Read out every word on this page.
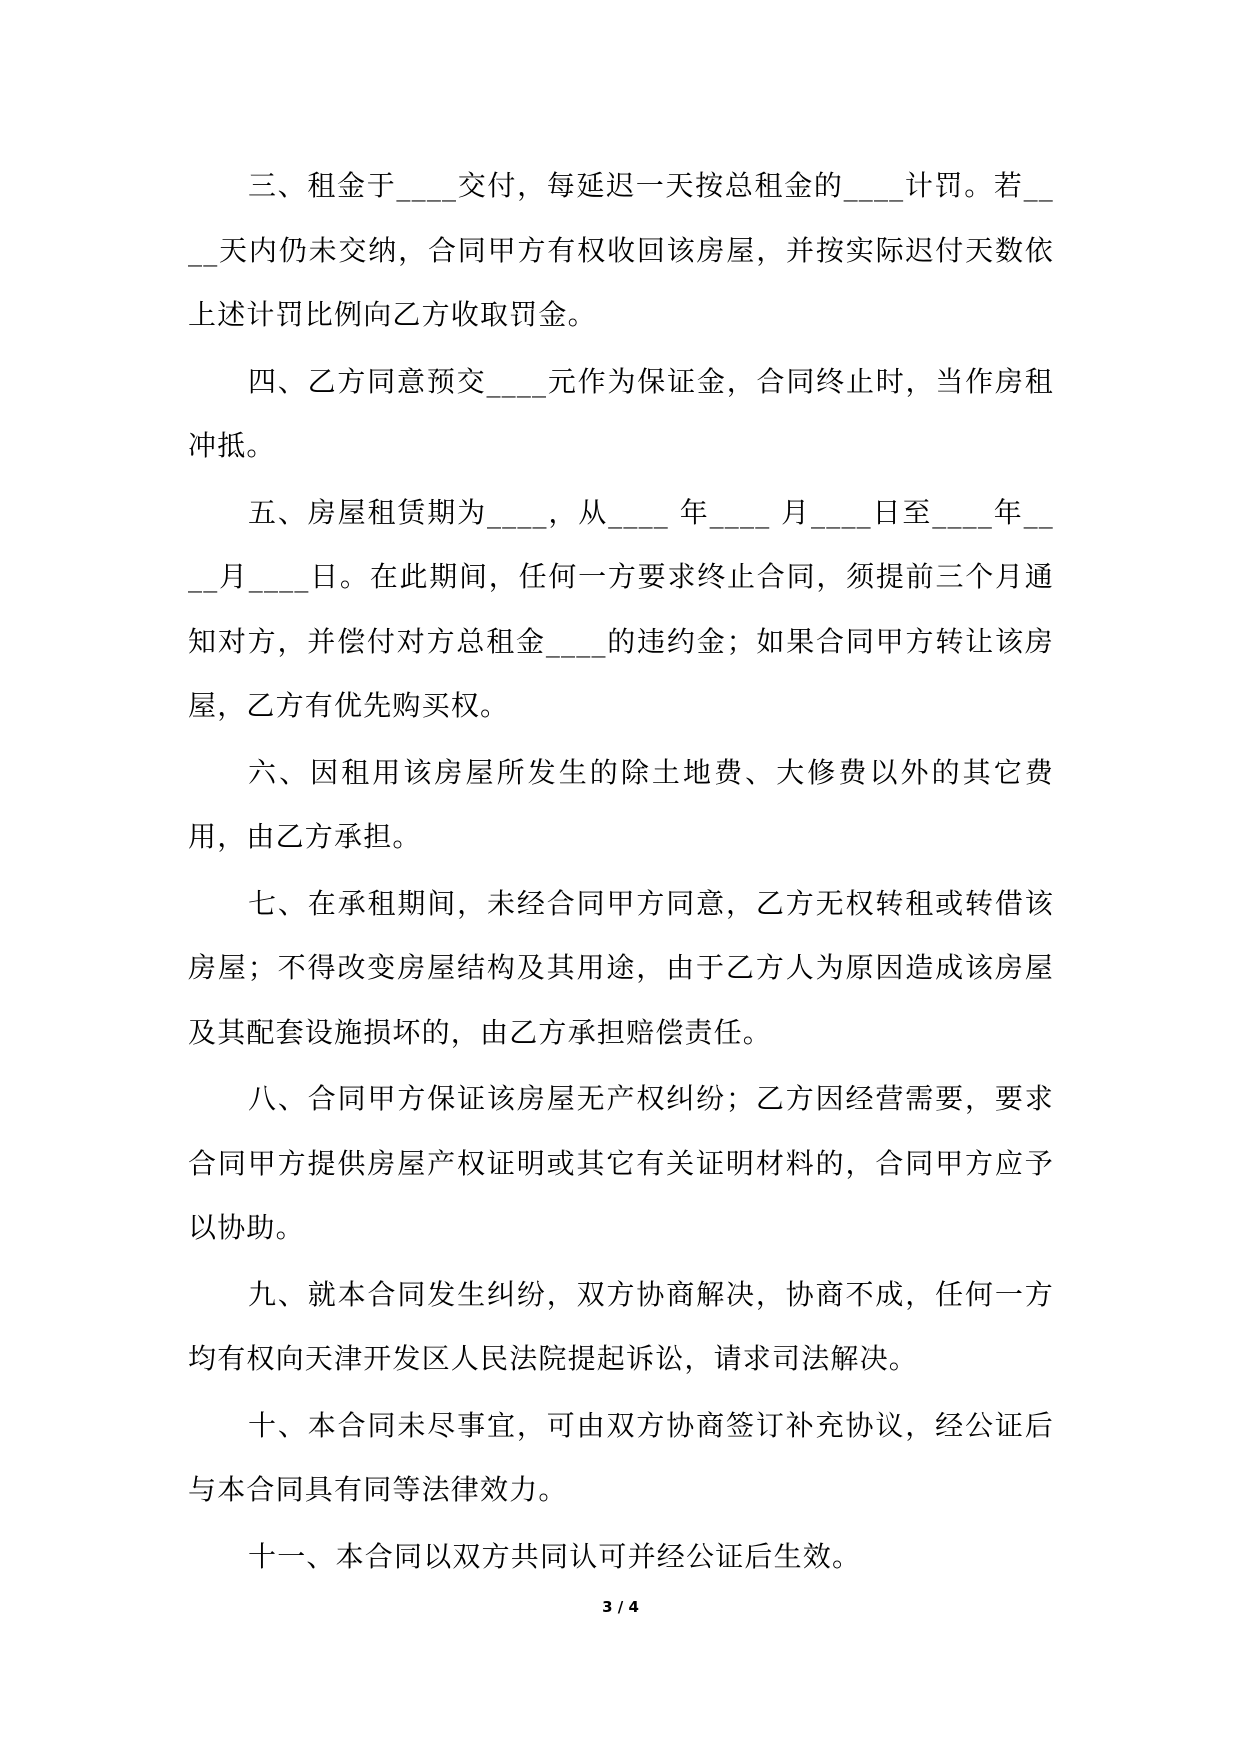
三、租金于____交付，每延迟一天按总租金的____计罚。若____天内仍未交纳，合同甲方有权收回该房屋，并按实际迟付天数依上述计罚比例向乙方收取罚金。

四、乙方同意预交____元作为保证金，合同终止时，当作房租冲抵。

五、房屋租赁期为____，从____ 年____ 月____日至____年____月____日。在此期间，任何一方要求终止合同，须提前三个月通知对方，并偿付对方总租金____的违约金；如果合同甲方转让该房屋，乙方有优先购买权。

六、因租用该房屋所发生的除土地费、大修费以外的其它费用，由乙方承担。

七、在承租期间，未经合同甲方同意，乙方无权转租或转借该房屋；不得改变房屋结构及其用途，由于乙方人为原因造成该房屋及其配套设施损坏的，由乙方承担赔偿责任。

八、合同甲方保证该房屋无产权纠纷；乙方因经营需要，要求合同甲方提供房屋产权证明或其它有关证明材料的，合同甲方应予以协助。

九、就本合同发生纠纷，双方协商解决，协商不成，任何一方均有权向天津开发区人民法院提起诉讼，请求司法解决。

十、本合同未尽事宜，可由双方协商签订补充协议，经公证后与本合同具有同等法律效力。

十一、本合同以双方共同认可并经公证后生效。

3 / 4
